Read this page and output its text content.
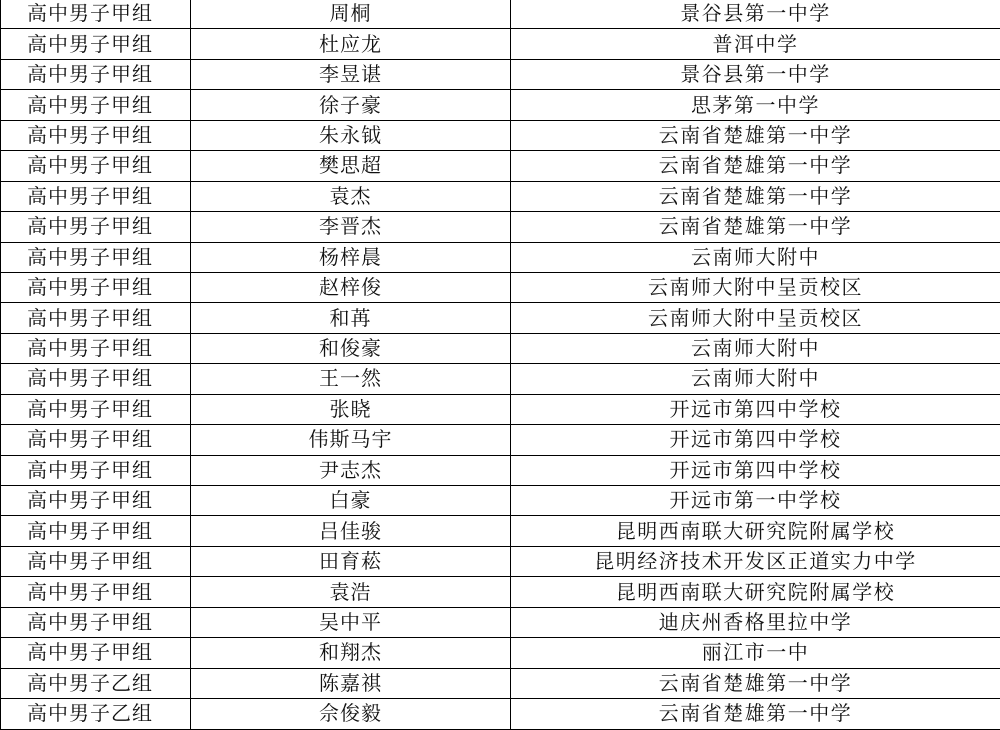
高中男子甲组	周桐	景谷县第一中学
高中男子甲组	杜应龙	普洱中学
高中男子甲组	李昱谌	景谷县第一中学
高中男子甲组	徐子豪	思茅第一中学
高中男子甲组	朱永钺	云南省楚雄第一中学
高中男子甲组	樊思超	云南省楚雄第一中学
高中男子甲组	袁杰	云南省楚雄第一中学
高中男子甲组	李晋杰	云南省楚雄第一中学
高中男子甲组	杨梓晨	云南师大附中
高中男子甲组	赵梓俊	云南师大附中呈贡校区
高中男子甲组	和苒	云南师大附中呈贡校区
高中男子甲组	和俊豪	云南师大附中
高中男子甲组	王一然	云南师大附中
高中男子甲组	张晓	开远市第四中学校
高中男子甲组	伟斯马宇	开远市第四中学校
高中男子甲组	尹志杰	开远市第四中学校
高中男子甲组	白豪	开远市第一中学校
高中男子甲组	吕佳骏	昆明西南联大研究院附属学校
高中男子甲组	田育菘	昆明经济技术开发区正道实力中学
高中男子甲组	袁浩	昆明西南联大研究院附属学校
高中男子甲组	吴中平	迪庆州香格里拉中学
高中男子甲组	和翔杰	丽江市一中
高中男子乙组	陈嘉祺	云南省楚雄第一中学
高中男子乙组	佘俊毅	云南省楚雄第一中学
